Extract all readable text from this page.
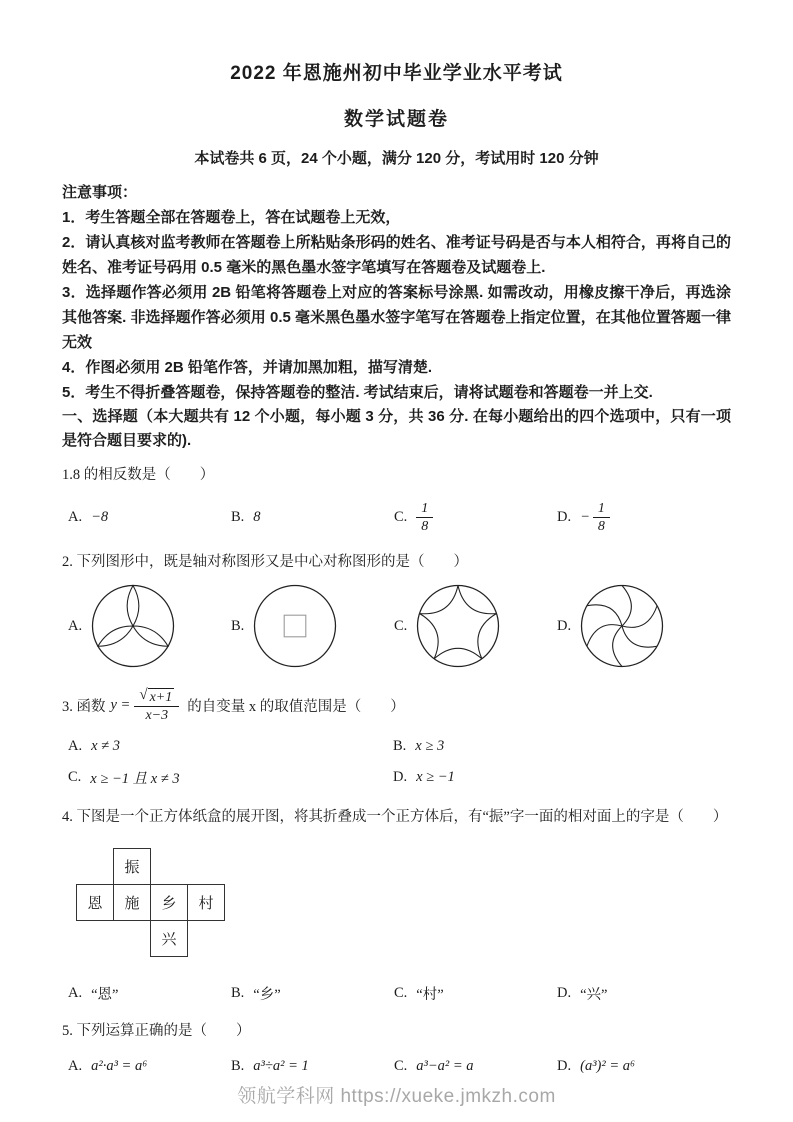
2022 年恩施州初中毕业学业水平考试
数学试题卷
本试卷共 6 页，24 个小题，满分 120 分，考试用时 120 分钟

注意事项：

1．考生答题全部在答题卷上，答在试题卷上无效，

2．请认真核对监考教师在答题卷上所粘贴条形码的姓名、准考证号码是否与本人相符合，再将自己的姓名、准考证号码用 0.5 毫米的黑色墨水签字笔填写在答题卷及试题卷上.

3．选择题作答必须用 2B 铅笔将答题卷上对应的答案标号涂黑. 如需改动，用橡皮擦干净后，再选涂其他答案. 非选择题作答必须用 0.5 毫米黑色墨水签字笔写在答题卷上指定位置，在其他位置答题一律无效

4．作图必须用 2B 铅笔作答，并请加黑加粗，描写清楚.

5．考生不得折叠答题卷，保持答题卷的整洁. 考试结束后，请将试题卷和答题卷一并上交.

一、选择题（本大题共有 12 个小题，每小题 3 分，共 36 分. 在每小题给出的四个选项中，只有一项是符合题目要求的).
1.8 的相反数是（　　）
A. −8	B. 8	C. $\frac{1}{8}$	D. − $\frac{1}{8}$
2. 下列图形中，既是轴对称图形又是中心对称图形的是（　　）
A.	B.	C.	D.
3. 函数 $y = \frac{√ x+1}{x-3}$ 的自变量 x 的取值范围是（　　）
A. x ≠ 3	B. x ≥ 3
C. x ≥ −1 且 x ≠ 3	D. x ≥ −1
4. 下图是一个正方体纸盒的展开图，将其折叠成一个正方体后，有“振”字一面的相对面上的字是（　　）
	振		
恩	施	乡	村
		兴	
A. “恩”	B. “乡”	C. “村”	D. “兴”
5. 下列运算正确的是（　　）
A. a²·a³ = a⁶	B. a³÷a² = 1	C. a³−a² = a	D. (a³)² = a⁶
领航学科网 https://xueke.jmkzh.com
